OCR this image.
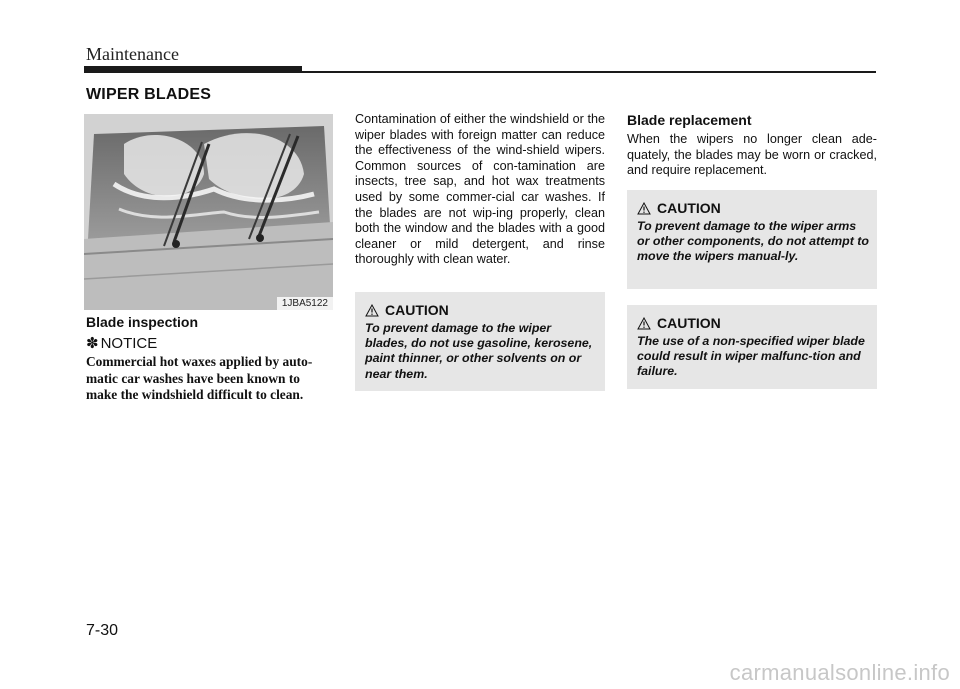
Maintenance
WIPER BLADES
1JBA5122
Blade inspection
✽ NOTICE
Commercial hot waxes applied by auto-matic car washes have been known to make the windshield difficult to clean.
Contamination of either the windshield or the wiper blades with foreign matter can reduce the effectiveness of the wind-shield wipers. Common sources of con-tamination are insects, tree sap, and hot wax treatments used by some commer-cial car washes. If the blades are not wip-ing properly, clean both the window and the blades with a good cleaner or mild detergent, and rinse thoroughly with clean water.
CAUTION
To prevent damage to the wiper blades, do not use gasoline, kerosene, paint thinner, or other solvents on or near them.
Blade replacement
When the wipers no longer clean ade-quately, the blades may be worn or cracked, and require replacement.
CAUTION
To prevent damage to the wiper arms or other components, do not attempt to move the wipers manual-ly.
CAUTION
The use of a non-specified wiper blade could result in wiper malfunc-tion and failure.
7-30
carmanualsonline.info
